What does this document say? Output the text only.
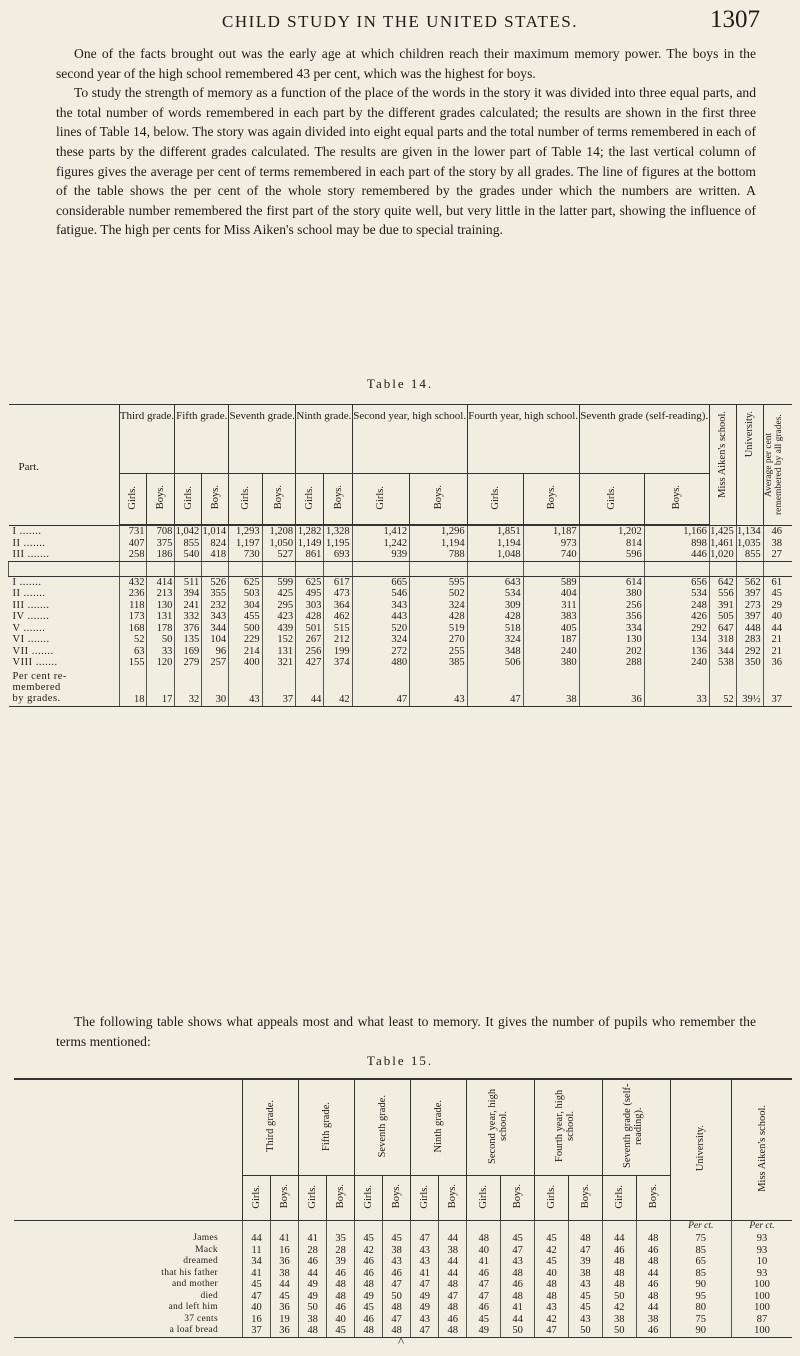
CHILD STUDY IN THE UNITED STATES.	1307

One of the facts brought out was the early age at which children reach their maximum memory power. The boys in the second year of the high school remembered 43 per cent, which was the highest for boys.

To study the strength of memory as a function of the place of the words in the story it was divided into three equal parts, and the total number of words remembered in each part by the different grades calculated; the results are shown in the first three lines of Table 14, below. The story was again divided into eight equal parts and the total number of terms remembered in each of these parts by the different grades calculated. The results are given in the lower part of Table 14; the last vertical column of figures gives the average per cent of terms remembered in each part of the story by all grades. The line of figures at the bottom of the table shows the per cent of the whole story remembered by the grades under which the numbers are written. A considerable number remembered the first part of the story quite well, but very little in the latter part, showing the influence of fatigue. The high per cents for Miss Aiken's school may be due to special training.

Table 14.
Part.	Third grade.		Fifth grade.		Seventh grade.		Ninth grade.		Second year, high school.		Fourth year, high school.		Seventh grade (self-reading).		Miss Aiken's school.	University.	Average per cent remembered by all grades.
	Girls.	Boys.	Girls.	Boys.	Girls.	Boys.	Girls.	Boys.	Girls.	Boys.	Girls.	Boys.	Girls.	Boys.			
I .......	731	708	1,042	1,014	1,293	1,208	1,282	1,328	1,412	1,296	1,851	1,187	1,202	1,166	1,425	1,134	46
II .......	407	375	855	824	1,197	1,050	1,149	1,195	1,242	1,194	1,194	973	814	898	1,461	1,035	38
III .......	258	186	540	418	730	527	861	693	939	788	1,048	740	596	446	1,020	855	27

I .......	432	414	511	526	625	599	625	617	665	595	643	589	614	656	642	562	61
II .......	236	213	394	355	503	425	495	473	546	502	534	404	380	534	556	397	45
III .......	118	130	241	232	304	295	303	364	343	324	309	311	256	248	391	273	29
IV .......	173	131	332	343	455	423	428	462	443	428	428	383	356	426	505	397	40
V .......	168	178	376	344	500	439	501	515	520	519	518	405	334	292	647	448	44
VI .......	52	50	135	104	229	152	267	212	324	270	324	187	130	134	318	283	21
VII .......	63	33	169	96	214	131	256	199	272	255	348	240	202	136	344	292	21
VIII .......	155	120	279	257	400	321	427	374	480	385	506	380	288	240	538	350	36

Per cent re-
membered
by grades.	18	17	32	30	43	37	44	42	47	43	47	38	36	33	52	39½	37

The following table shows what appeals most and what least to memory. It gives the number of pupils who remember the terms mentioned:

Table 15.
	Third grade.		Fifth grade.		Seventh grade.		Ninth grade.		Second year, high school.		Fourth year, high school.		Seventh grade (self-reading).		University.	Miss Aiken's school.
	Girls.	Boys.	Girls.	Boys.	Girls.	Boys.	Girls.	Boys.	Girls.	Boys.	Girls.	Boys.	Girls.	Boys.		
															Per ct.	Per ct.
James	44	41	41	35	45	45	47	44	48	45	45	48	44	48	75	93
Mack	11	16	28	28	42	38	43	38	40	47	42	47	46	46	85	93
dreamed	34	36	46	39	46	43	43	44	41	43	45	39	48	48	65	10
that his father	41	38	44	46	46	46	41	44	46	48	40	38	48	44	85	93
and mother	45	44	49	48	48	47	47	48	47	46	48	43	48	46	90	100
died	47	45	49	48	49	50	49	47	47	48	48	45	50	48	95	100
and left him	40	36	50	46	45	48	49	48	46	41	43	45	42	44	80	100
37 cents	16	19	38	40	46	47	43	46	45	44	42	43	38	38	75	87
a loaf bread	37	36	48	45	48	48	47	48	49	50	47	50	50	46	90	100
^
